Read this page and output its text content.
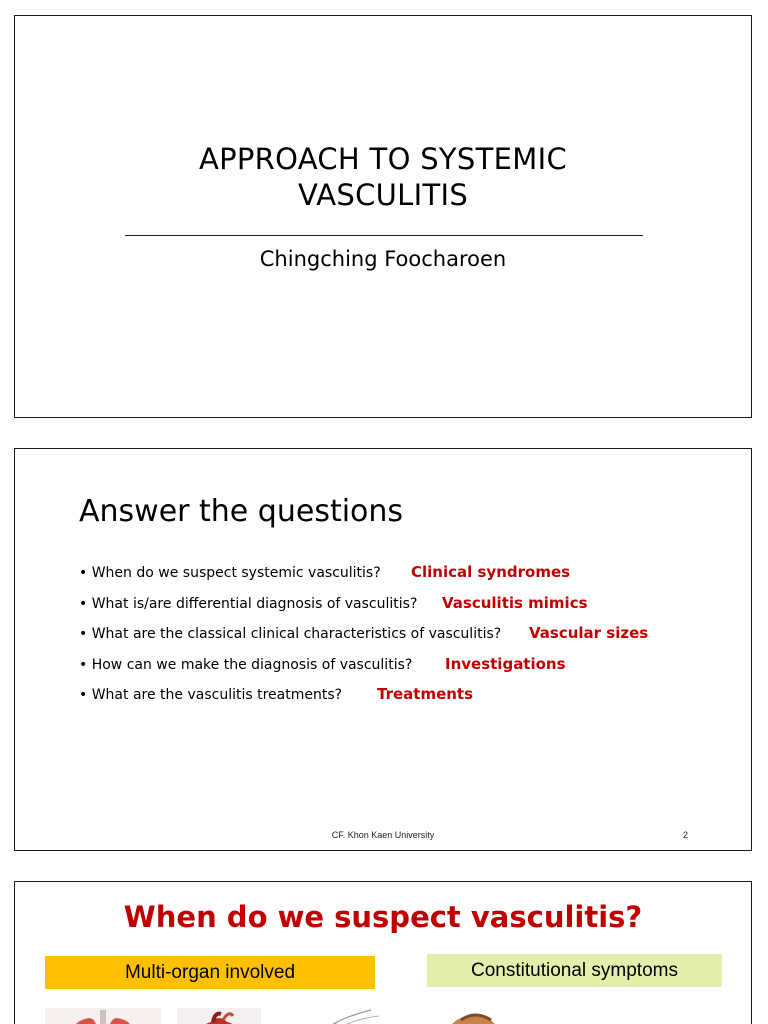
APPROACH TO SYSTEMIC
VASCULITIS
Chingching Foocharoen
Answer the questions
• When do we suspect systemic vasculitis? Clinical syndromes
• What is/are differential diagnosis of vasculitis? Vasculitis mimics
• What are the classical clinical characteristics of vasculitis? Vascular sizes
• How can we make the diagnosis of vasculitis? Investigations
• What are the vasculitis treatments? Treatments
CF. Khon Kaen University	2
When do we suspect vasculitis?
Multi-organ involved	Constitutional symptoms
